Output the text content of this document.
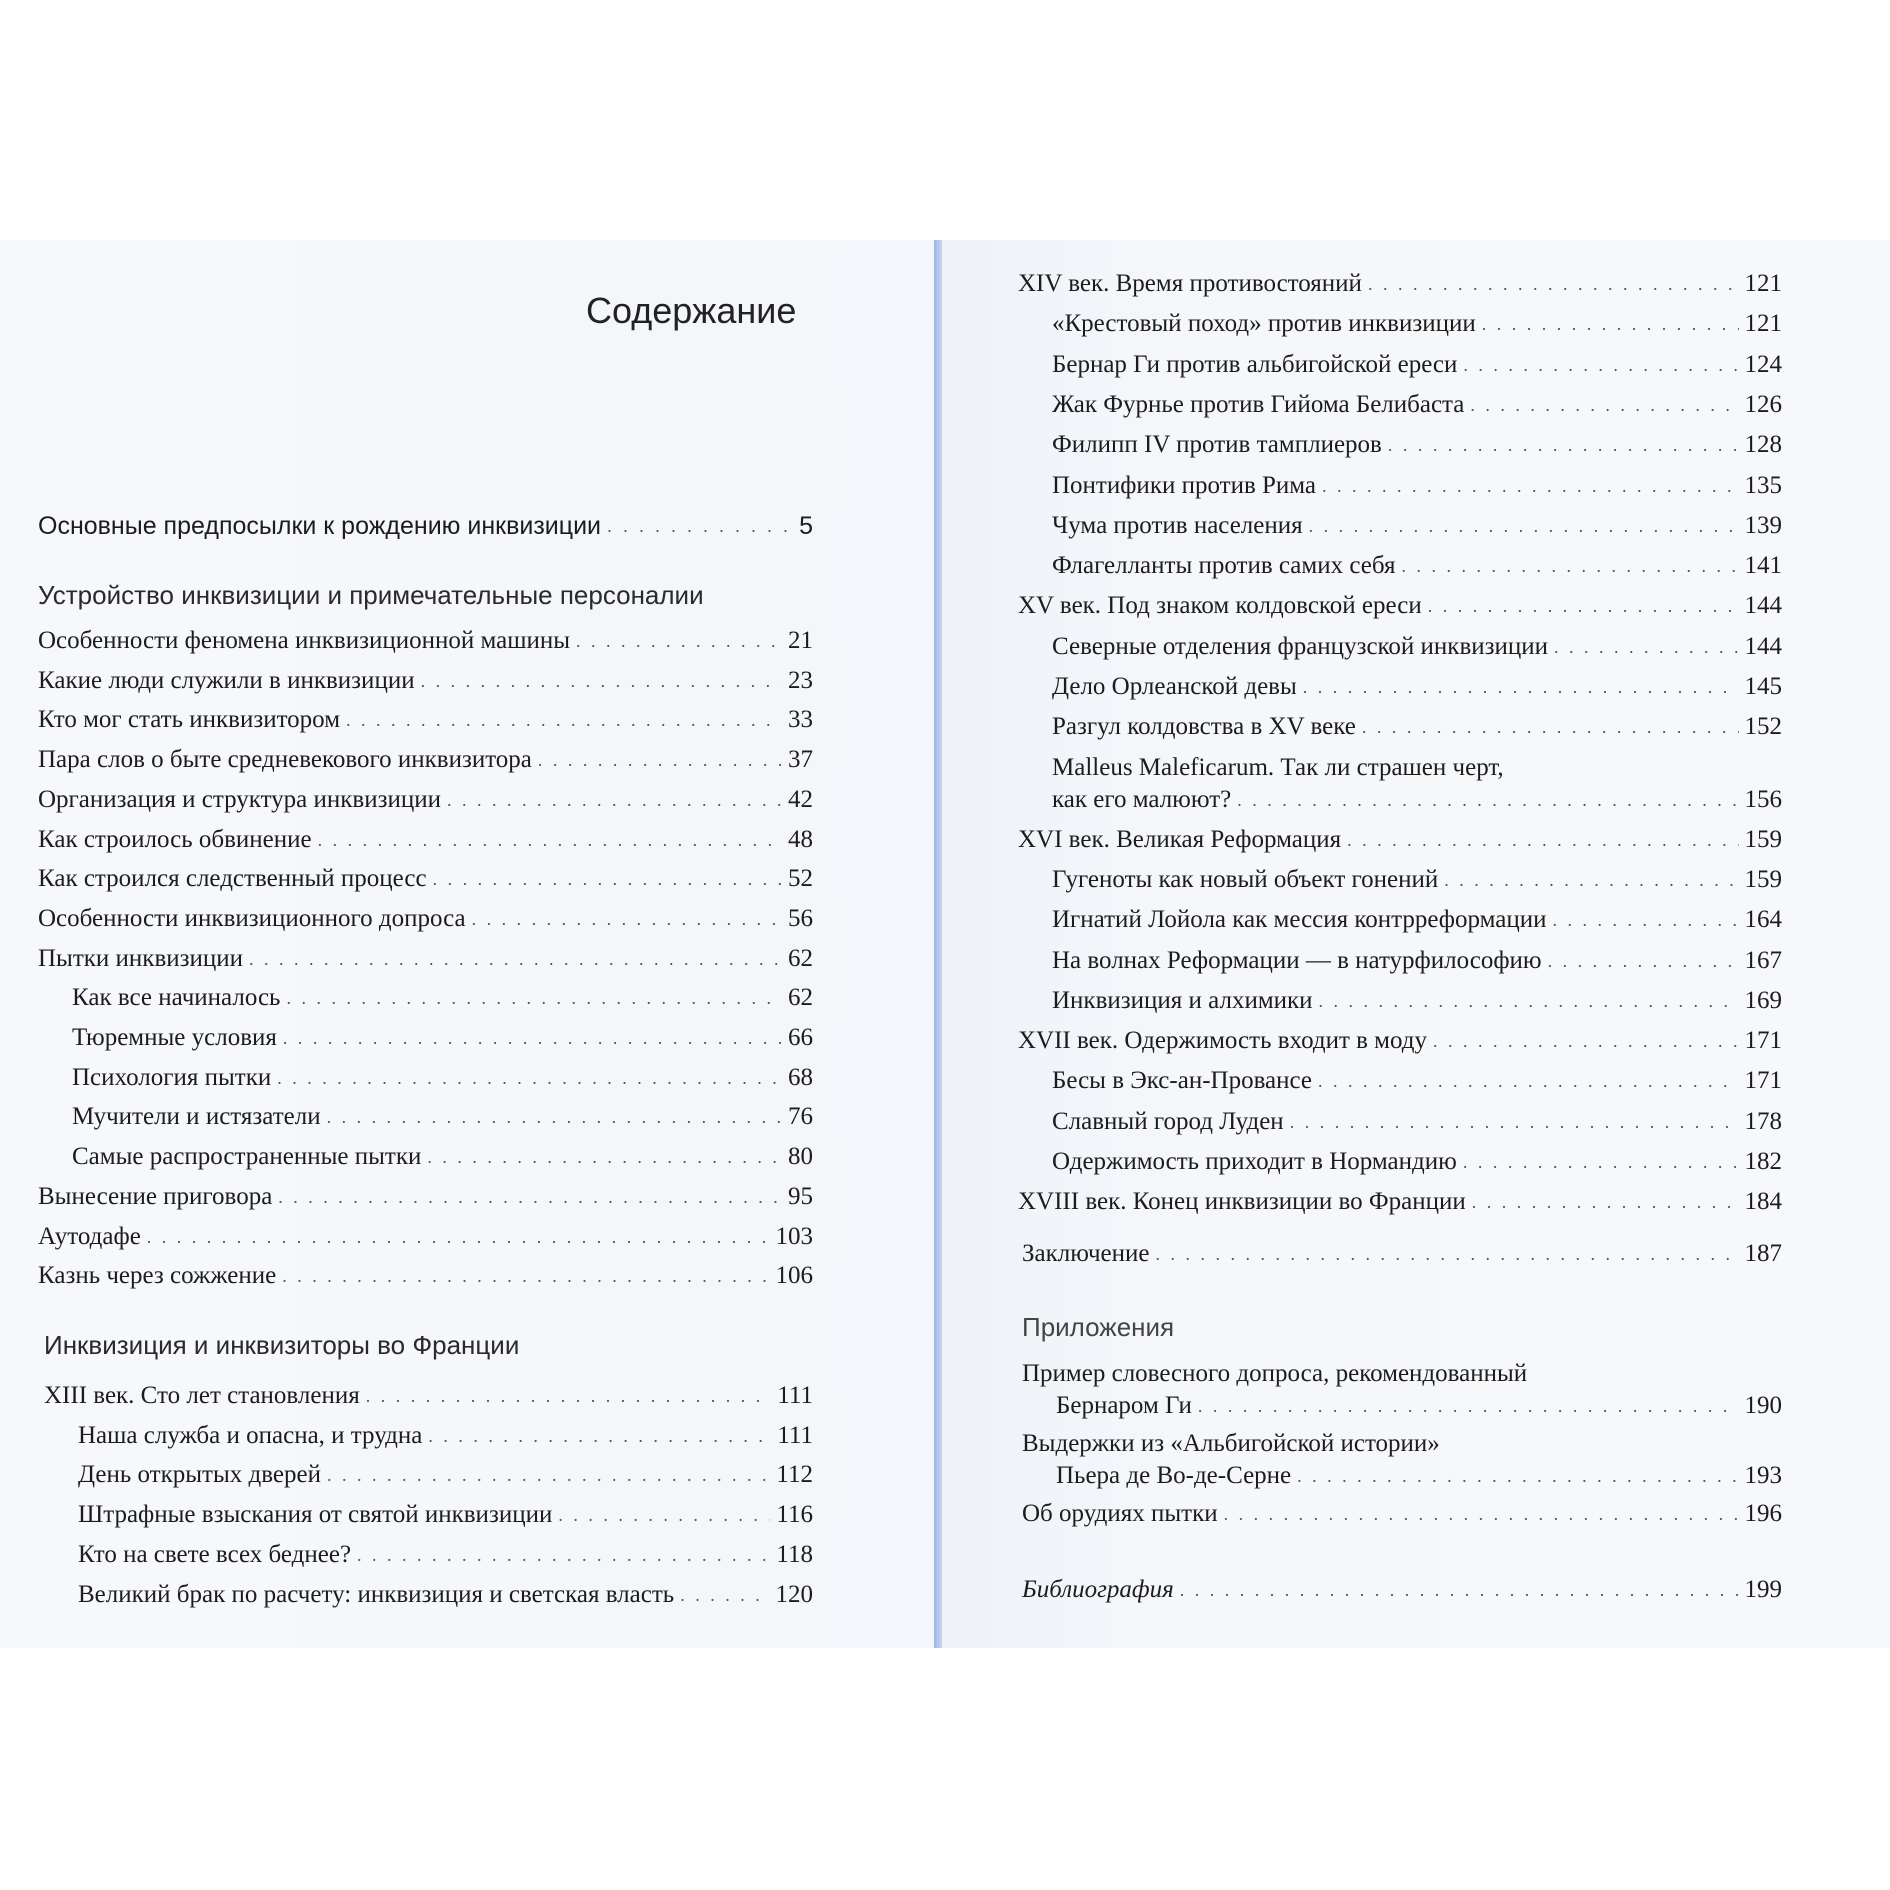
Содержание
Основные предпосылки к рождению инквизиции . . .	5
Устройство инквизиции и примечательные персоналии
Особенности феномена инквизиционной машины . . .	21
Какие люди служили в инквизиции . . .	23
Кто мог стать инквизитором . . .	33
Пара слов о быте средневекового инквизитора . . .	37
Организация и структура инквизиции . . .	42
Как строилось обвинение . . .	48
Как строился следственный процесс . . .	52
Особенности инквизиционного допроса . . .	56
Пытки инквизиции . . .	62
Как все начиналось . . .	62
Тюремные условия . . .	66
Психология пытки . . .	68
Мучители и истязатели . . .	76
Самые распространенные пытки . . .	80
Вынесение приговора . . .	95
Аутодафе . . .	103
Казнь через сожжение . . .	106
Инквизиция и инквизиторы во Франции
XIII век. Сто лет становления . . .	111
Наша служба и опасна, и трудна . . .	111
День открытых дверей . . .	112
Штрафные взыскания от святой инквизиции . . .	116
Кто на свете всех беднее? . . .	118
Великий брак по расчету: инквизиция и светская власть . . .	120
XIV век. Время противостояний . . .	121
«Крестовый поход» против инквизиции . . .	121
Бернар Ги против альбигойской ереси . . .	124
Жак Фурнье против Гийома Белибаста . . .	126
Филипп IV против тамплиеров . . .	128
Понтифики против Рима . . .	135
Чума против населения . . .	139
Флагелланты против самих себя . . .	141
XV век. Под знаком колдовской ереси . . .	144
Северные отделения французской инквизиции . . .	144
Дело Орлеанской девы . . .	145
Разгул колдовства в XV веке . . .	152
Malleus Maleficarum. Так ли страшен черт,
как его малюют? . . .	156
XVI век. Великая Реформация . . .	159
Гугеноты как новый объект гонений . . .	159
Игнатий Лойола как мессия контрреформации . . .	164
На волнах Реформации — в натурфилософию . . .	167
Инквизиция и алхимики . . .	169
XVII век. Одержимость входит в моду . . .	171
Бесы в Экс-ан-Провансе . . .	171
Славный город Луден . . .	178
Одержимость приходит в Нормандию . . .	182
XVIII век. Конец инквизиции во Франции . . .	184
Заключение . . .	187
Приложения
Пример словесного допроса, рекомендованный
Бернаром Ги . . .	190
Выдержки из «Альбигойской истории»
Пьера де Во-де-Серне . . .	193
Об орудиях пытки . . .	196
Библиография . . .	199
